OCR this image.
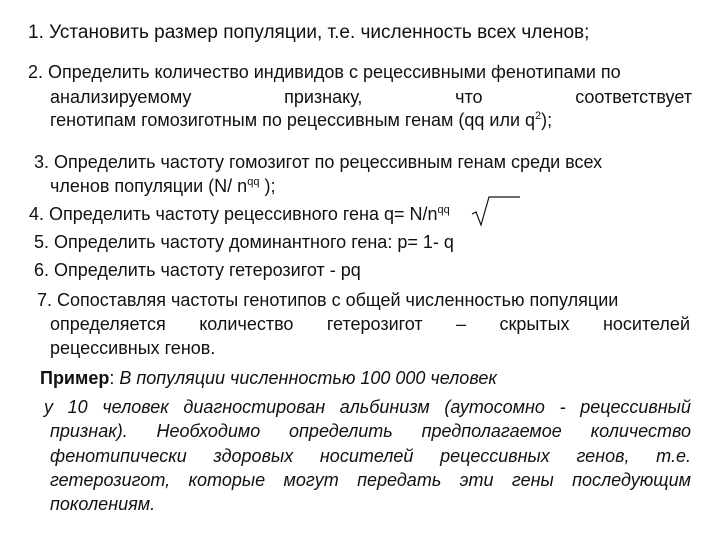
1. Установить размер популяции, т.е. численность всех членов;
2. Определить количество индивидов с рецессивными фенотипами по
анализируемому	признаку,	что	соответствует
генотипам гомозиготным по рецессивным генам (qq или $q^2$);
3. Определить частоту гомозигот по рецессивным генам среди всех
членов популяции (N/ $n^{qq}$ );
4. Определить частоту рецессивного гена $q= N/n^{qq}$
5. Определить частоту доминантного гена: p= 1- q
6. Определить частоту гетерозигот - pq
7. Сопоставляя частоты генотипов с общей численностью популяции
определяется количество гетерозигот – скрытых носителей
рецессивных генов.
Пример: В популяции численностью 100 000 человек
у 10 человек диагностирован альбинизм (аутосомно - рецессивный
признак). Необходимо определить предполагаемое количество
фенотипически здоровых носителей рецессивных генов, т.е.
гетерозигот, которые могут передать эти гены последующим
поколениям.
